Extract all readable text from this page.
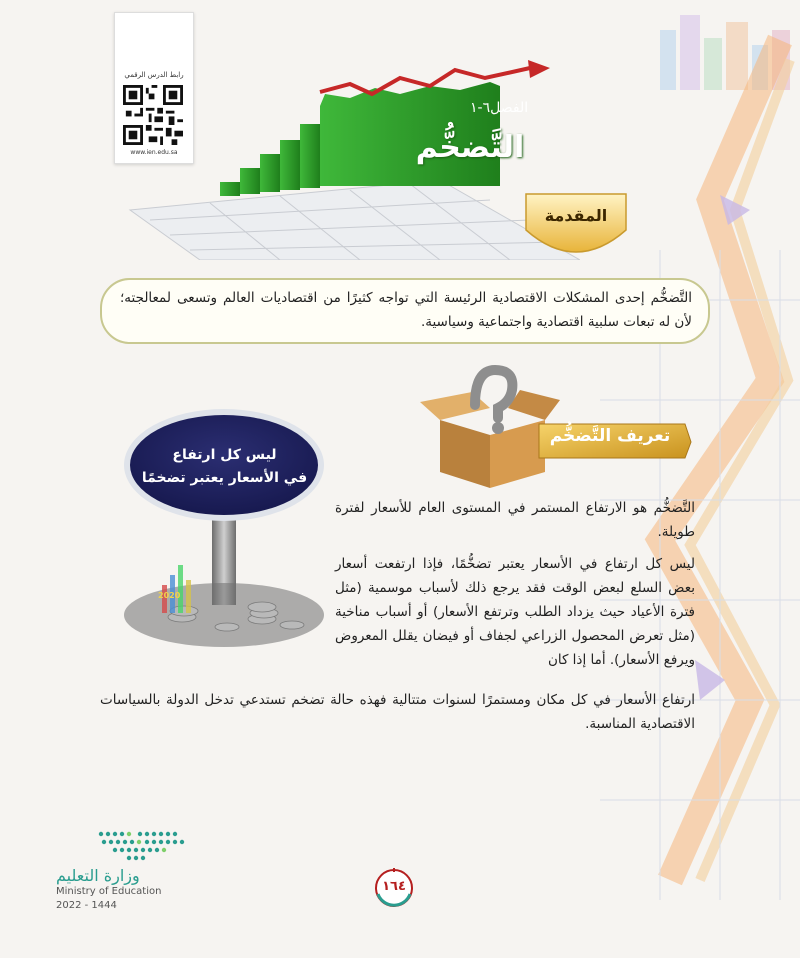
رابط الدرس الرقمي
www.ien.edu.sa
الفصل٦-١
التَّضخُّم
المقدمة
التَّضخُّم إحدى المشكلات الاقتصادية الرئيسة التي تواجه كثيرًا من اقتصاديات العالم وتسعى لمعالجته؛ لأن له تبعات سلبية اقتصادية واجتماعية وسياسية.
تعريف التَّضخُّم
ليس كل ارتفاع
في الأسعار يعتبر تضخمًا
2020
التَّضخُّم هو الارتفاع المستمر في المستوى العام للأسعار لفترة طويلة.
ليس كل ارتفاع في الأسعار يعتبر تضخُّمًا، فإذا ارتفعت أسعار بعض السلع لبعض الوقت فقد يرجع ذلك لأسباب موسمية (مثل فترة الأعياد حيث يزداد الطلب وترتفع الأسعار) أو أسباب مناخية (مثل تعرض المحصول الزراعي لجفاف أو فيضان يقلل المعروض ويرفع الأسعار). أما إذا كان
ارتفاع الأسعار في كل مكان ومستمرًا لسنوات متتالية فهذه حالة تضخم تستدعي تدخل الدولة بالسياسات الاقتصادية المناسبة.
وزارة التعليم
Ministry of Education
2022 - 1444
١٦٤
